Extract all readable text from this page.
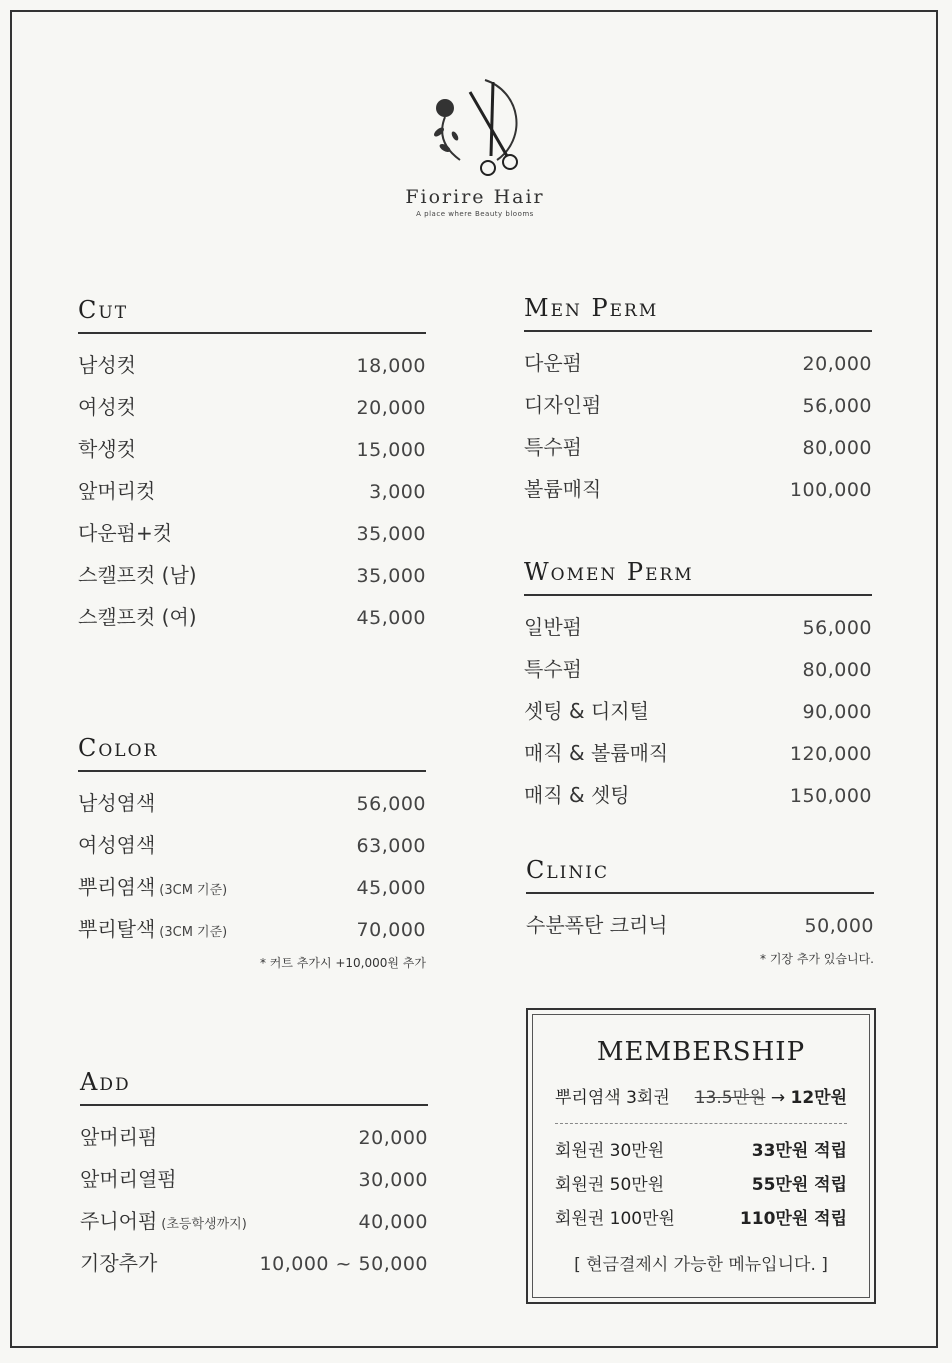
Fiorire Hair
A place where Beauty blooms
Cut
남성컷	18,000
여성컷	20,000
학생컷	15,000
앞머리컷	3,000
다운펌+컷	35,000
스캘프컷 (남)	35,000
스캘프컷 (여)	45,000
Color
남성염색	56,000
여성염색	63,000
뿌리염색 (3CM 기준)	45,000
뿌리탈색 (3CM 기준)	70,000
* 커트 추가시 +10,000원 추가
Add
앞머리펌	20,000
앞머리열펌	30,000
주니어펌 (초등학생까지)	40,000
기장추가	10,000 ~ 50,000
Men Perm
다운펌	20,000
디자인펌	56,000
특수펌	80,000
볼륨매직	100,000
Women Perm
일반펌	56,000
특수펌	80,000
셋팅 & 디지털	90,000
매직 & 볼륨매직	120,000
매직 & 셋팅	150,000
Clinic
수분폭탄 크리닉	50,000
* 기장 추가 있습니다.
MEMBERSHIP
뿌리염색 3회권 13.5만원 → 12만원
회원권 30만원	33만원 적립
회원권 50만원	55만원 적립
회원권 100만원	110만원 적립
[ 현금결제시 가능한 메뉴입니다. ]
